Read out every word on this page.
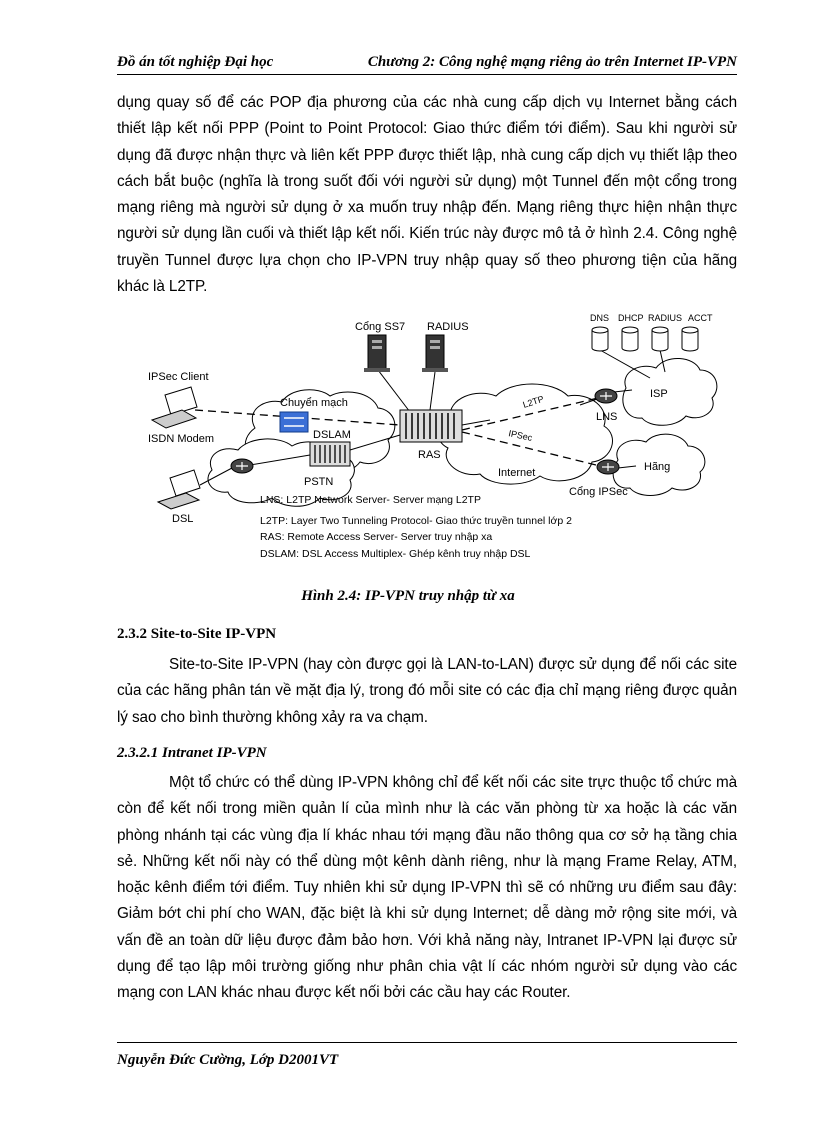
Đồ án tốt nghiệp Đại học	Chương 2: Công nghệ mạng riêng ảo trên Internet IP-VPN
dụng quay số để các POP địa phương của các nhà cung cấp dịch vụ Internet bằng cách thiết lập kết nối PPP (Point to Point Protocol: Giao thức điểm tới điểm). Sau khi người sử dụng đã được nhận thực và liên kết PPP được thiết lập, nhà cung cấp dịch vụ thiết lập theo cách bắt buộc (nghĩa là trong suốt đối với người sử dụng) một Tunnel đến một cổng trong mạng riêng mà người sử dụng ở xa muốn truy nhập đến. Mạng riêng thực hiện nhận thực người sử dụng lần cuối và thiết lập kết nối. Kiến trúc này được mô tả ở hình 2.4. Công nghệ truyền Tunnel được lựa chọn cho IP-VPN truy nhập quay số theo phương tiện của hãng khác là L2TP.
Cổng SS7 RADIUS
DNS DHCP RADIUS ACCT
IPSec Client
Chuyển mạch
ISDN Modem	DSLAM
RAS
L2TP
IPSec
ISP
LNS
PSTN
Internet	Hãng
Cổng IPSec
DSL
LNS: L2TP Network Server- Server mạng L2TP
L2TP: Layer Two Tunneling Protocol- Giao thức truyền tunnel lớp 2
RAS: Remote Access Server- Server truy nhập xa
DSLAM: DSL Access Multiplex- Ghép kênh truy nhập DSL
Hình 2.4: IP-VPN truy nhập từ xa
2.3.2 Site-to-Site IP-VPN
Site-to-Site IP-VPN (hay còn được gọi là LAN-to-LAN) được sử dụng để nối các site của các hãng phân tán về mặt địa lý, trong đó mỗi site có các địa chỉ mạng riêng được quản lý sao cho bình thường không xảy ra va chạm.
2.3.2.1 Intranet IP-VPN
Một tổ chức có thể dùng IP-VPN không chỉ để kết nối các site trực thuộc tổ chức mà còn để kết nối trong miền quản lí của mình như là các văn phòng từ xa hoặc là các văn phòng nhánh tại các vùng địa lí khác nhau tới mạng đầu não thông qua cơ sở hạ tầng chia sẻ. Những kết nối này có thể dùng một kênh dành riêng, như là mạng Frame Relay, ATM, hoặc kênh điểm tới điểm. Tuy nhiên khi sử dụng IP-VPN thì sẽ có những ưu điểm sau đây: Giảm bớt chi phí cho WAN, đặc biệt là khi sử dụng Internet; dễ dàng mở rộng site mới, và vấn đề an toàn dữ liệu được đảm bảo hơn. Với khả năng này, Intranet IP-VPN lại được sử dụng để tạo lập môi trường giống như phân chia vật lí các nhóm người sử dụng vào các mạng con LAN khác nhau được kết nối bởi các cầu hay các Router.
Nguyễn Đức Cường, Lớp D2001VT
